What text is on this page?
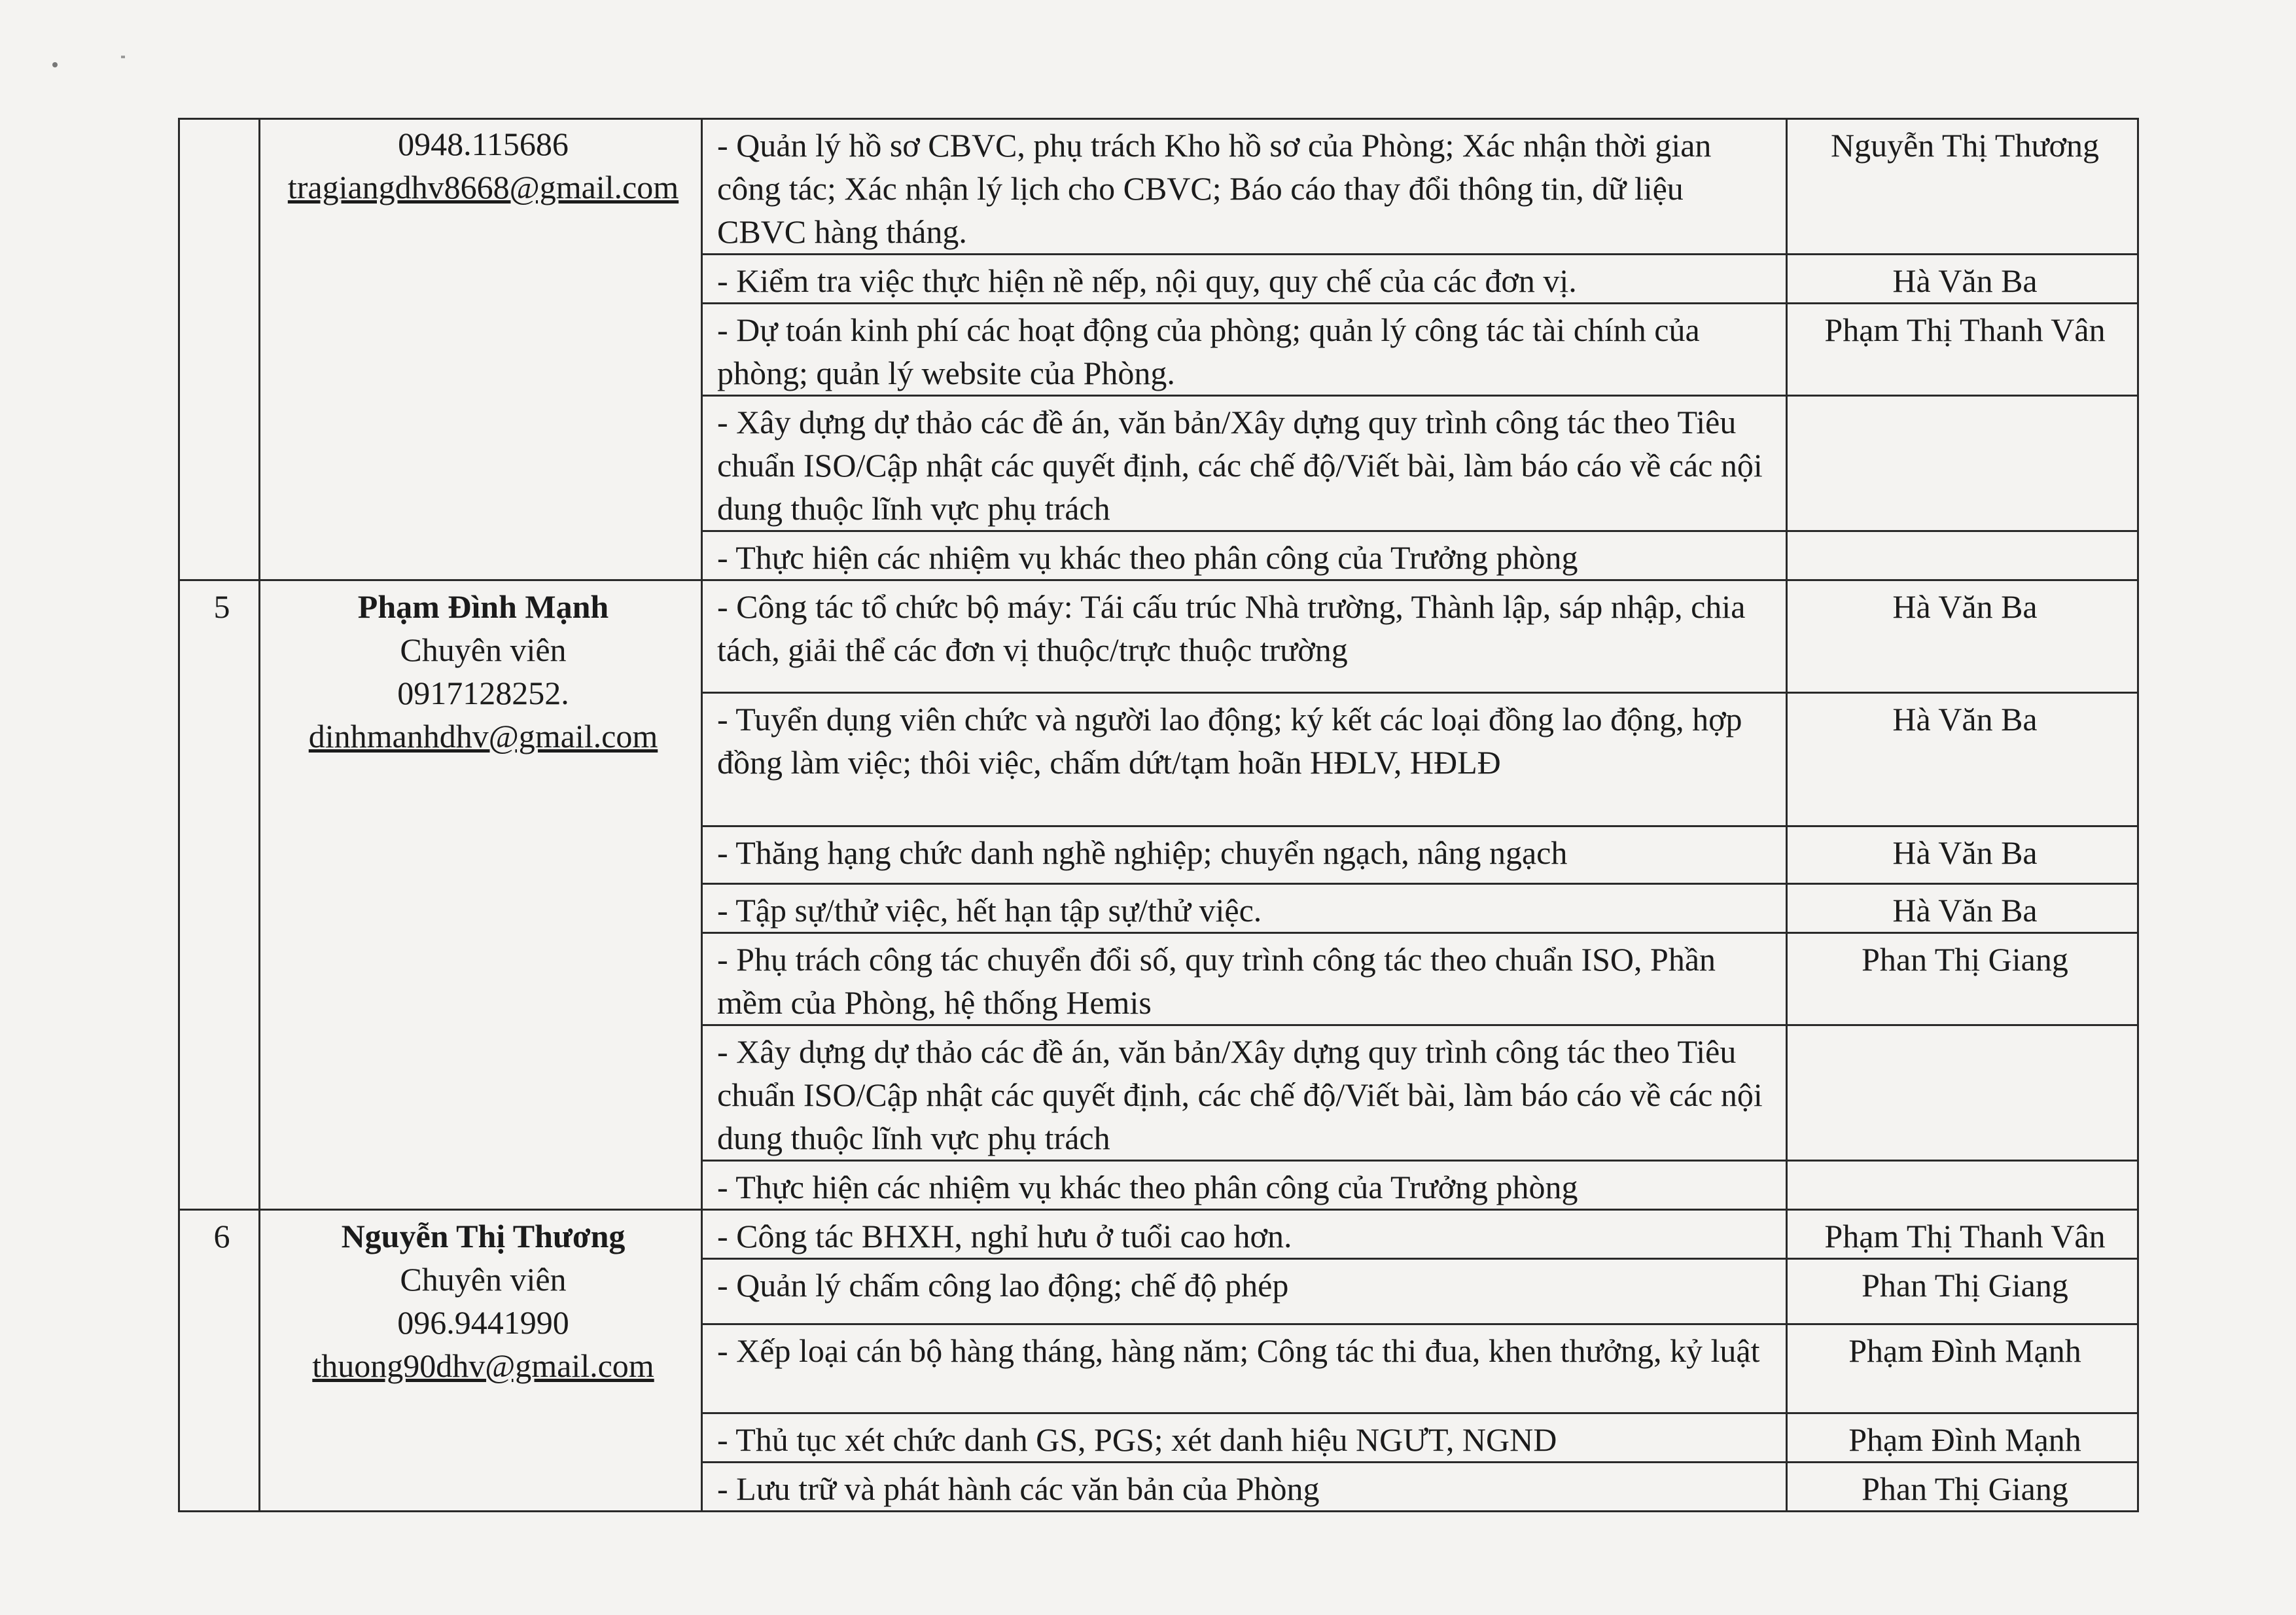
	0948.115686
tragiangdhv8668@gmail.com	- Quản lý hồ sơ CBVC, phụ trách Kho hồ sơ của Phòng; Xác nhận thời gian công tác; Xác nhận lý lịch cho CBVC; Báo cáo thay đổi thông tin, dữ liệu CBVC hàng tháng.	Nguyễn Thị Thương
		- Kiểm tra việc thực hiện nề nếp, nội quy, quy chế của các đơn vị.	Hà Văn Ba
		- Dự toán kinh phí các hoạt động của phòng; quản lý công tác tài chính của phòng; quản lý website của Phòng.	Phạm Thị Thanh Vân
		- Xây dựng dự thảo các đề án, văn bản/Xây dựng quy trình công tác theo Tiêu chuẩn ISO/Cập nhật các quyết định, các chế độ/Viết bài, làm báo cáo về các nội dung thuộc lĩnh vực phụ trách	
		- Thực hiện các nhiệm vụ khác theo phân công của Trưởng phòng	
5	Phạm Đình Mạnh
Chuyên viên
0917128252.
dinhmanhdhv@gmail.com	- Công tác tổ chức bộ máy: Tái cấu trúc Nhà trường, Thành lập, sáp nhập, chia tách, giải thể các đơn vị thuộc/trực thuộc trường	Hà Văn Ba
		- Tuyển dụng viên chức và người lao động; ký kết các loại đồng lao động, hợp đồng làm việc; thôi việc, chấm dứt/tạm hoãn HĐLV, HĐLĐ	Hà Văn Ba
		- Thăng hạng chức danh nghề nghiệp; chuyển ngạch, nâng ngạch	Hà Văn Ba
		- Tập sự/thử việc, hết hạn tập sự/thử việc.	Hà Văn Ba
		- Phụ trách công tác chuyển đổi số, quy trình công tác theo chuẩn ISO, Phần mềm của Phòng, hệ thống Hemis	Phan Thị Giang
		- Xây dựng dự thảo các đề án, văn bản/Xây dựng quy trình công tác theo Tiêu chuẩn ISO/Cập nhật các quyết định, các chế độ/Viết bài, làm báo cáo về các nội dung thuộc lĩnh vực phụ trách	
		- Thực hiện các nhiệm vụ khác theo phân công của Trưởng phòng	
6	Nguyễn Thị Thương
Chuyên viên
096.9441990
thuong90dhv@gmail.com	- Công tác BHXH, nghỉ hưu ở tuổi cao hơn.	Phạm Thị Thanh Vân
		- Quản lý chấm công lao động; chế độ phép	Phan Thị Giang
		- Xếp loại cán bộ hàng tháng, hàng năm; Công tác thi đua, khen thưởng, kỷ luật	Phạm Đình Mạnh
		- Thủ tục xét chức danh GS, PGS; xét danh hiệu NGƯT, NGND	Phạm Đình Mạnh
		- Lưu trữ và phát hành các văn bản của Phòng	Phan Thị Giang
